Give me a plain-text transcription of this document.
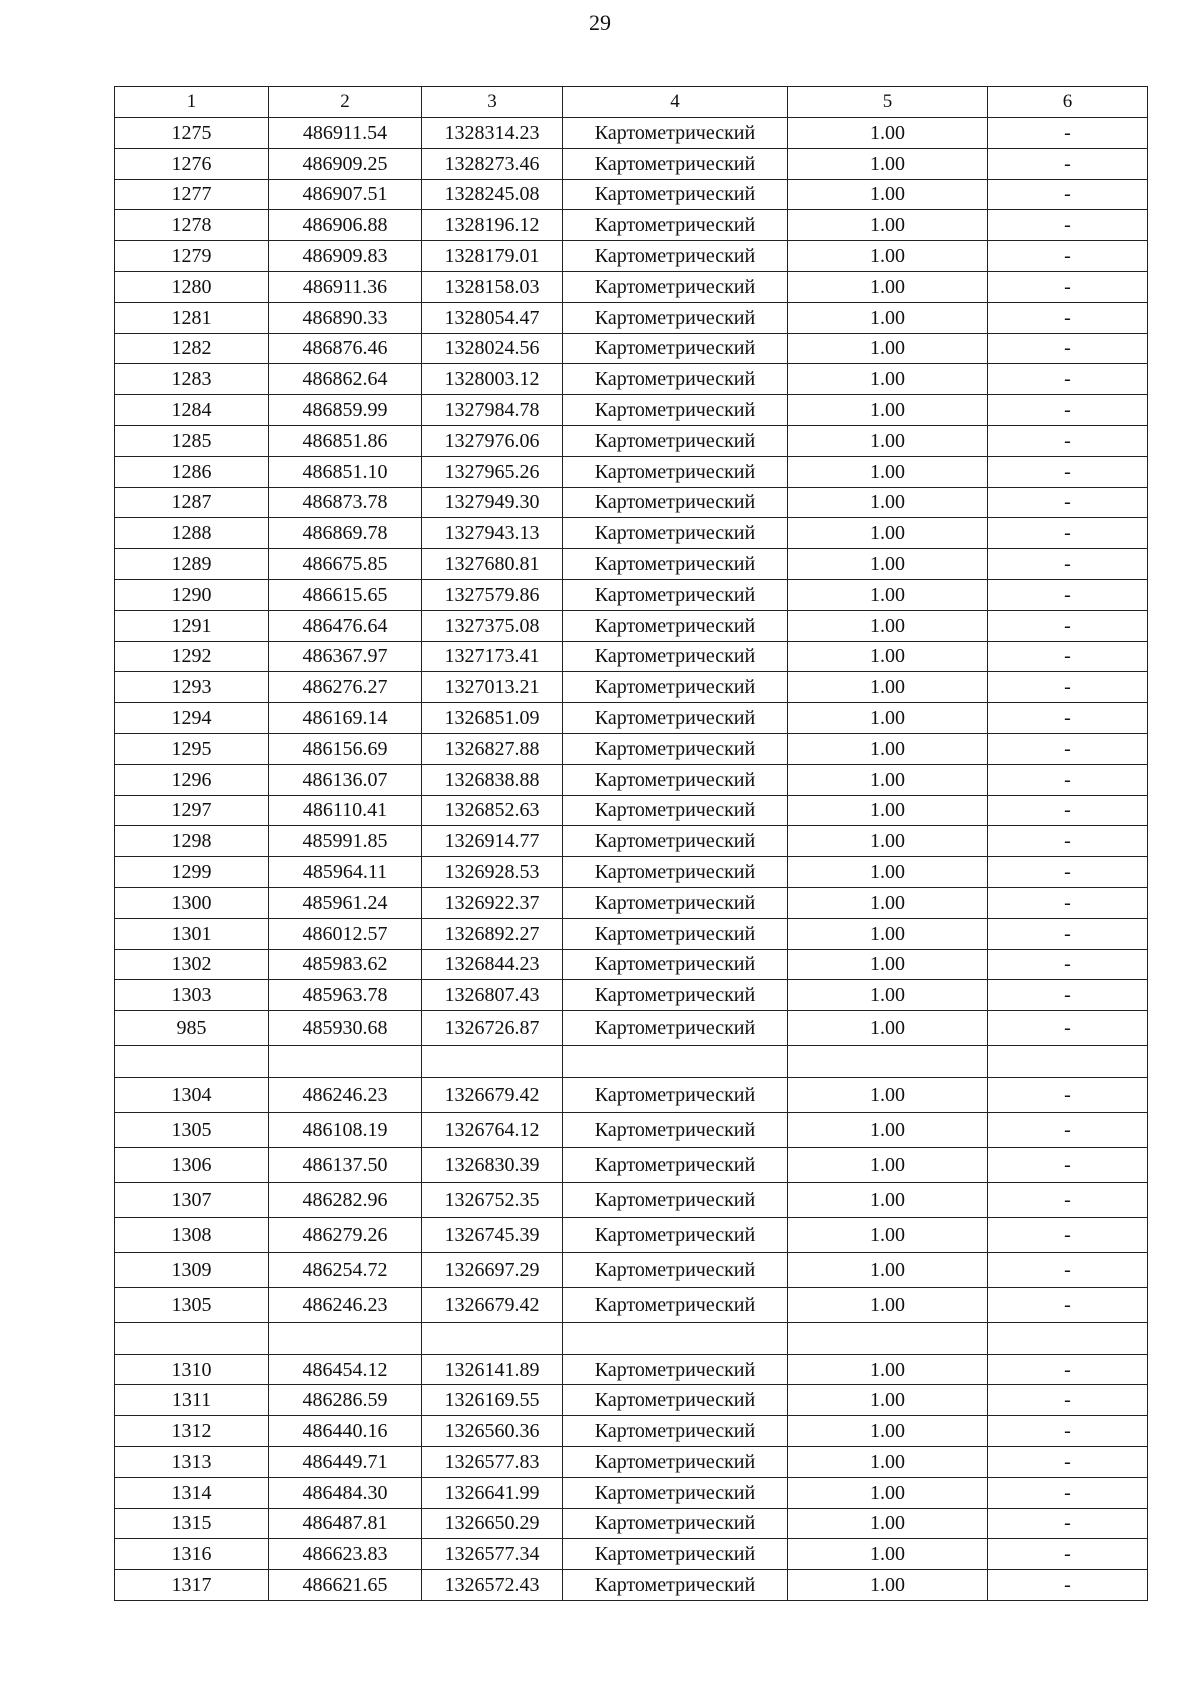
29
1	2	3	4	5	6
1275	486911.54	1328314.23	Картометрический	1.00	-
1276	486909.25	1328273.46	Картометрический	1.00	-
1277	486907.51	1328245.08	Картометрический	1.00	-
1278	486906.88	1328196.12	Картометрический	1.00	-
1279	486909.83	1328179.01	Картометрический	1.00	-
1280	486911.36	1328158.03	Картометрический	1.00	-
1281	486890.33	1328054.47	Картометрический	1.00	-
1282	486876.46	1328024.56	Картометрический	1.00	-
1283	486862.64	1328003.12	Картометрический	1.00	-
1284	486859.99	1327984.78	Картометрический	1.00	-
1285	486851.86	1327976.06	Картометрический	1.00	-
1286	486851.10	1327965.26	Картометрический	1.00	-
1287	486873.78	1327949.30	Картометрический	1.00	-
1288	486869.78	1327943.13	Картометрический	1.00	-
1289	486675.85	1327680.81	Картометрический	1.00	-
1290	486615.65	1327579.86	Картометрический	1.00	-
1291	486476.64	1327375.08	Картометрический	1.00	-
1292	486367.97	1327173.41	Картометрический	1.00	-
1293	486276.27	1327013.21	Картометрический	1.00	-
1294	486169.14	1326851.09	Картометрический	1.00	-
1295	486156.69	1326827.88	Картометрический	1.00	-
1296	486136.07	1326838.88	Картометрический	1.00	-
1297	486110.41	1326852.63	Картометрический	1.00	-
1298	485991.85	1326914.77	Картометрический	1.00	-
1299	485964.11	1326928.53	Картометрический	1.00	-
1300	485961.24	1326922.37	Картометрический	1.00	-
1301	486012.57	1326892.27	Картометрический	1.00	-
1302	485983.62	1326844.23	Картометрический	1.00	-
1303	485963.78	1326807.43	Картометрический	1.00	-
985	485930.68	1326726.87	Картометрический	1.00	-

1304	486246.23	1326679.42	Картометрический	1.00	-
1305	486108.19	1326764.12	Картометрический	1.00	-
1306	486137.50	1326830.39	Картометрический	1.00	-
1307	486282.96	1326752.35	Картометрический	1.00	-
1308	486279.26	1326745.39	Картометрический	1.00	-
1309	486254.72	1326697.29	Картометрический	1.00	-
1305	486246.23	1326679.42	Картометрический	1.00	-

1310	486454.12	1326141.89	Картометрический	1.00	-
1311	486286.59	1326169.55	Картометрический	1.00	-
1312	486440.16	1326560.36	Картометрический	1.00	-
1313	486449.71	1326577.83	Картометрический	1.00	-
1314	486484.30	1326641.99	Картометрический	1.00	-
1315	486487.81	1326650.29	Картометрический	1.00	-
1316	486623.83	1326577.34	Картометрический	1.00	-
1317	486621.65	1326572.43	Картометрический	1.00	-
